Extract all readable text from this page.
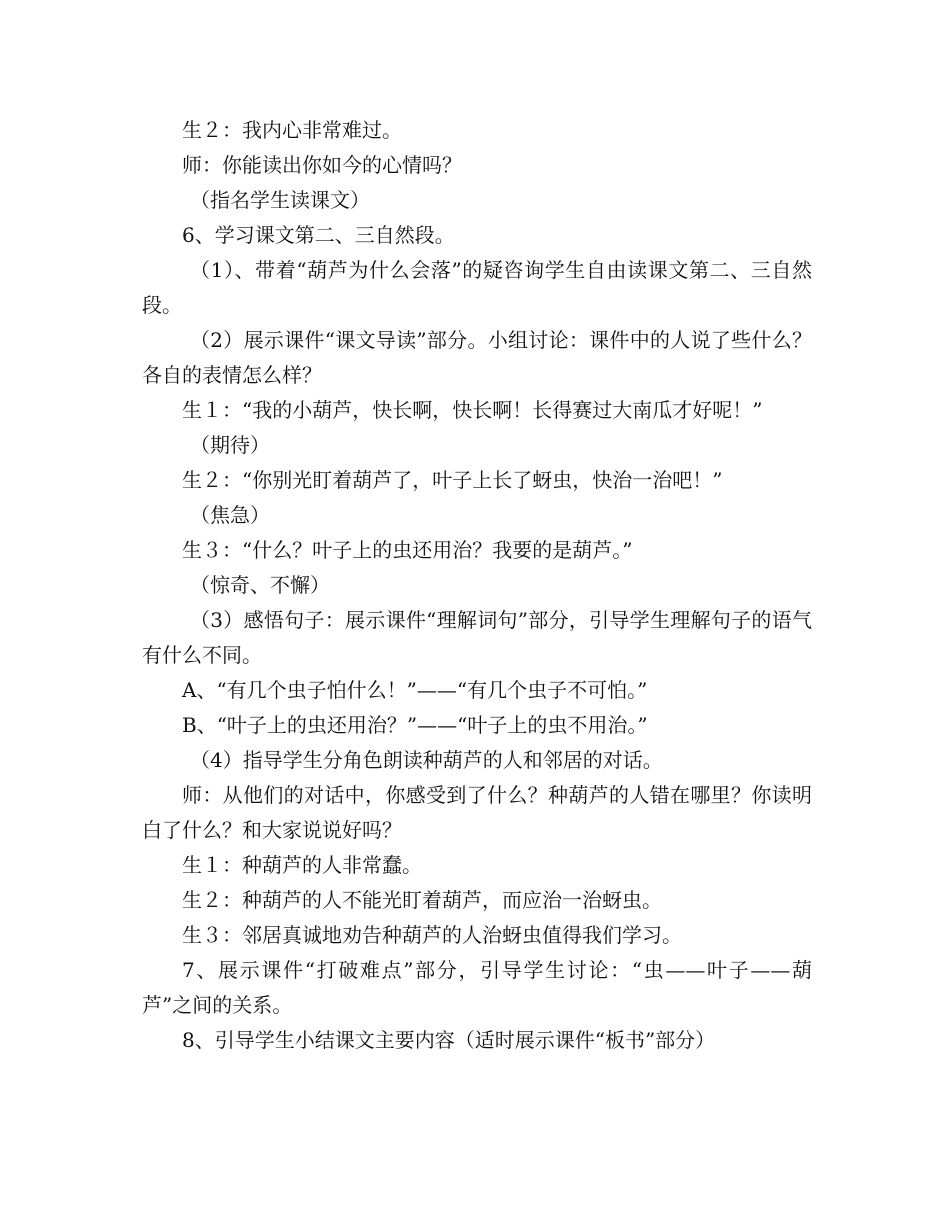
生２：我内心非常难过。

师：你能读出你如今的心情吗？

（指名学生读课文）

6、学习课文第二、三自然段。

（1）、带着“葫芦为什么会落”的疑咨询学生自由读课文第二、三自然段。

（2）展示课件“课文导读”部分。小组讨论：课件中的人说了些什么？各自的表情怎么样？

生１：“我的小葫芦，快长啊，快长啊！长得赛过大南瓜才好呢！”

（期待）

生２：“你别光盯着葫芦了，叶子上长了蚜虫，快治一治吧！”

（焦急）

生３：“什么？叶子上的虫还用治？我要的是葫芦。”

（惊奇、不懈）

（3）感悟句子：展示课件“理解词句”部分，引导学生理解句子的语气有什么不同。

A、“有几个虫子怕什么！”——“有几个虫子不可怕。”

B、“叶子上的虫还用治？”——“叶子上的虫不用治。”

（4）指导学生分角色朗读种葫芦的人和邻居的对话。

师：从他们的对话中，你感受到了什么？种葫芦的人错在哪里？你读明白了什么？和大家说说好吗？

生１：种葫芦的人非常蠢。

生２：种葫芦的人不能光盯着葫芦，而应治一治蚜虫。

生３：邻居真诚地劝告种葫芦的人治蚜虫值得我们学习。

7、展示课件“打破难点”部分，引导学生讨论：“虫——叶子——葫芦”之间的关系。

8、引导学生小结课文主要内容（适时展示课件“板书”部分）
